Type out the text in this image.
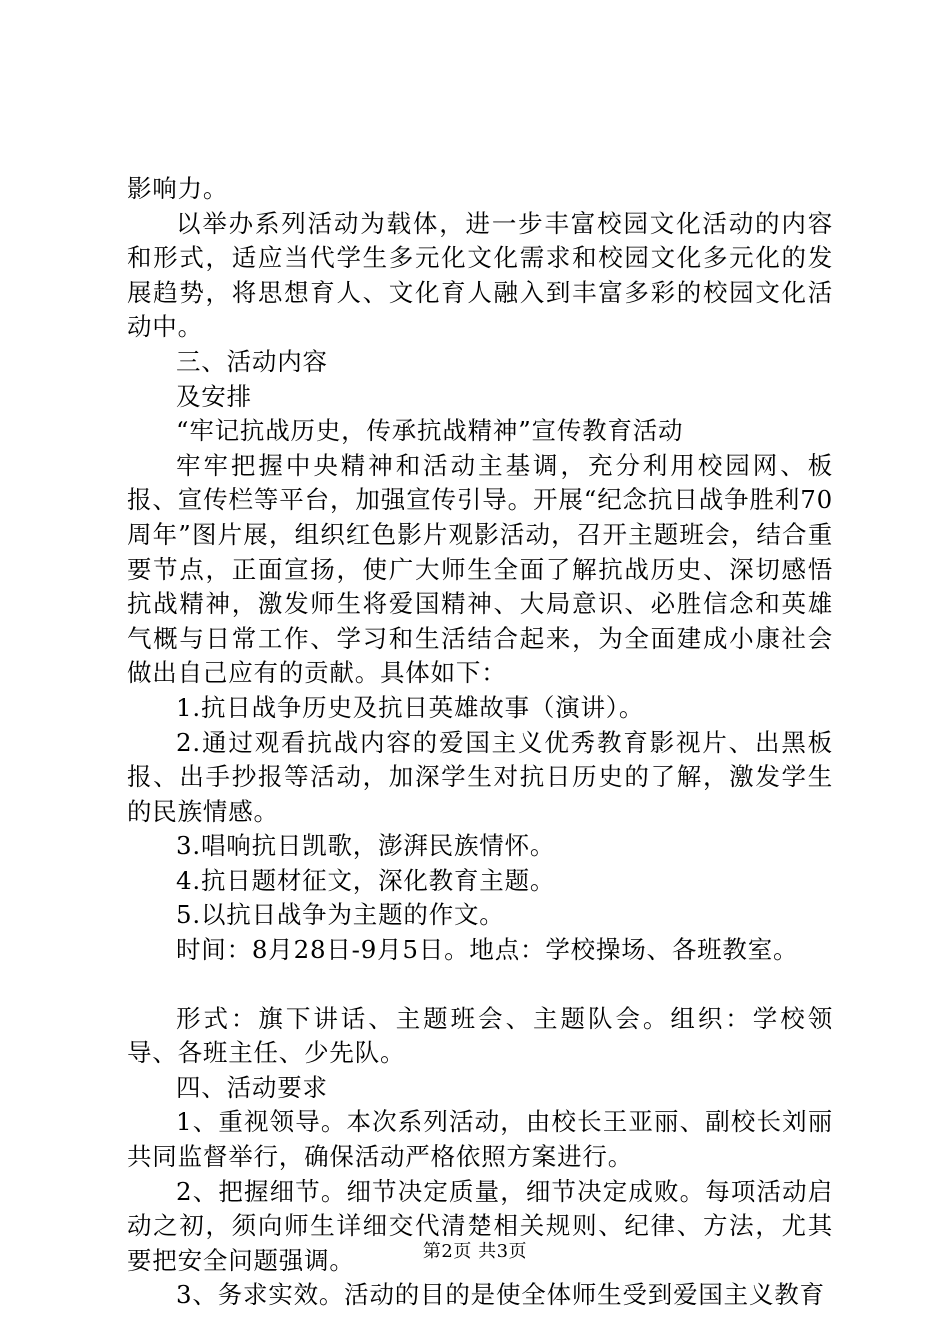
影响力。

以举办系列活动为载体，进一步丰富校园文化活动的内容和形式，适应当代学生多元化文化需求和校园文化多元化的发展趋势，将思想育人、文化育人融入到丰富多彩的校园文化活动中。

三、活动内容

及安排

“牢记抗战历史，传承抗战精神”宣传教育活动

牢牢把握中央精神和活动主基调，充分利用校园网、板报、宣传栏等平台，加强宣传引导。开展“纪念抗日战争胜利70周年”图片展，组织红色影片观影活动，召开主题班会，结合重要节点，正面宣扬，使广大师生全面了解抗战历史、深切感悟抗战精神，激发师生将爱国精神、大局意识、必胜信念和英雄气概与日常工作、学习和生活结合起来，为全面建成小康社会做出自己应有的贡献。具体如下：

1.抗日战争历史及抗日英雄故事（演讲）。

2.通过观看抗战内容的爱国主义优秀教育影视片、出黑板报、出手抄报等活动，加深学生对抗日历史的了解，激发学生的民族情感。

3.唱响抗日凯歌，澎湃民族情怀。

4.抗日题材征文，深化教育主题。

5.以抗日战争为主题的作文。

时间：8月28日-9月5日。地点：学校操场、各班教室。

形式：旗下讲话、主题班会、主题队会。组织：学校领导、各班主任、少先队。

四、活动要求

1、重视领导。本次系列活动，由校长王亚丽、副校长刘丽共同监督举行，确保活动严格依照方案进行。

2、把握细节。细节决定质量，细节决定成败。每项活动启动之初，须向师生详细交代清楚相关规则、纪律、方法，尤其要把安全问题强调。

3、务求实效。活动的目的是使全体师生受到爱国主义教育

第2页 共3页
